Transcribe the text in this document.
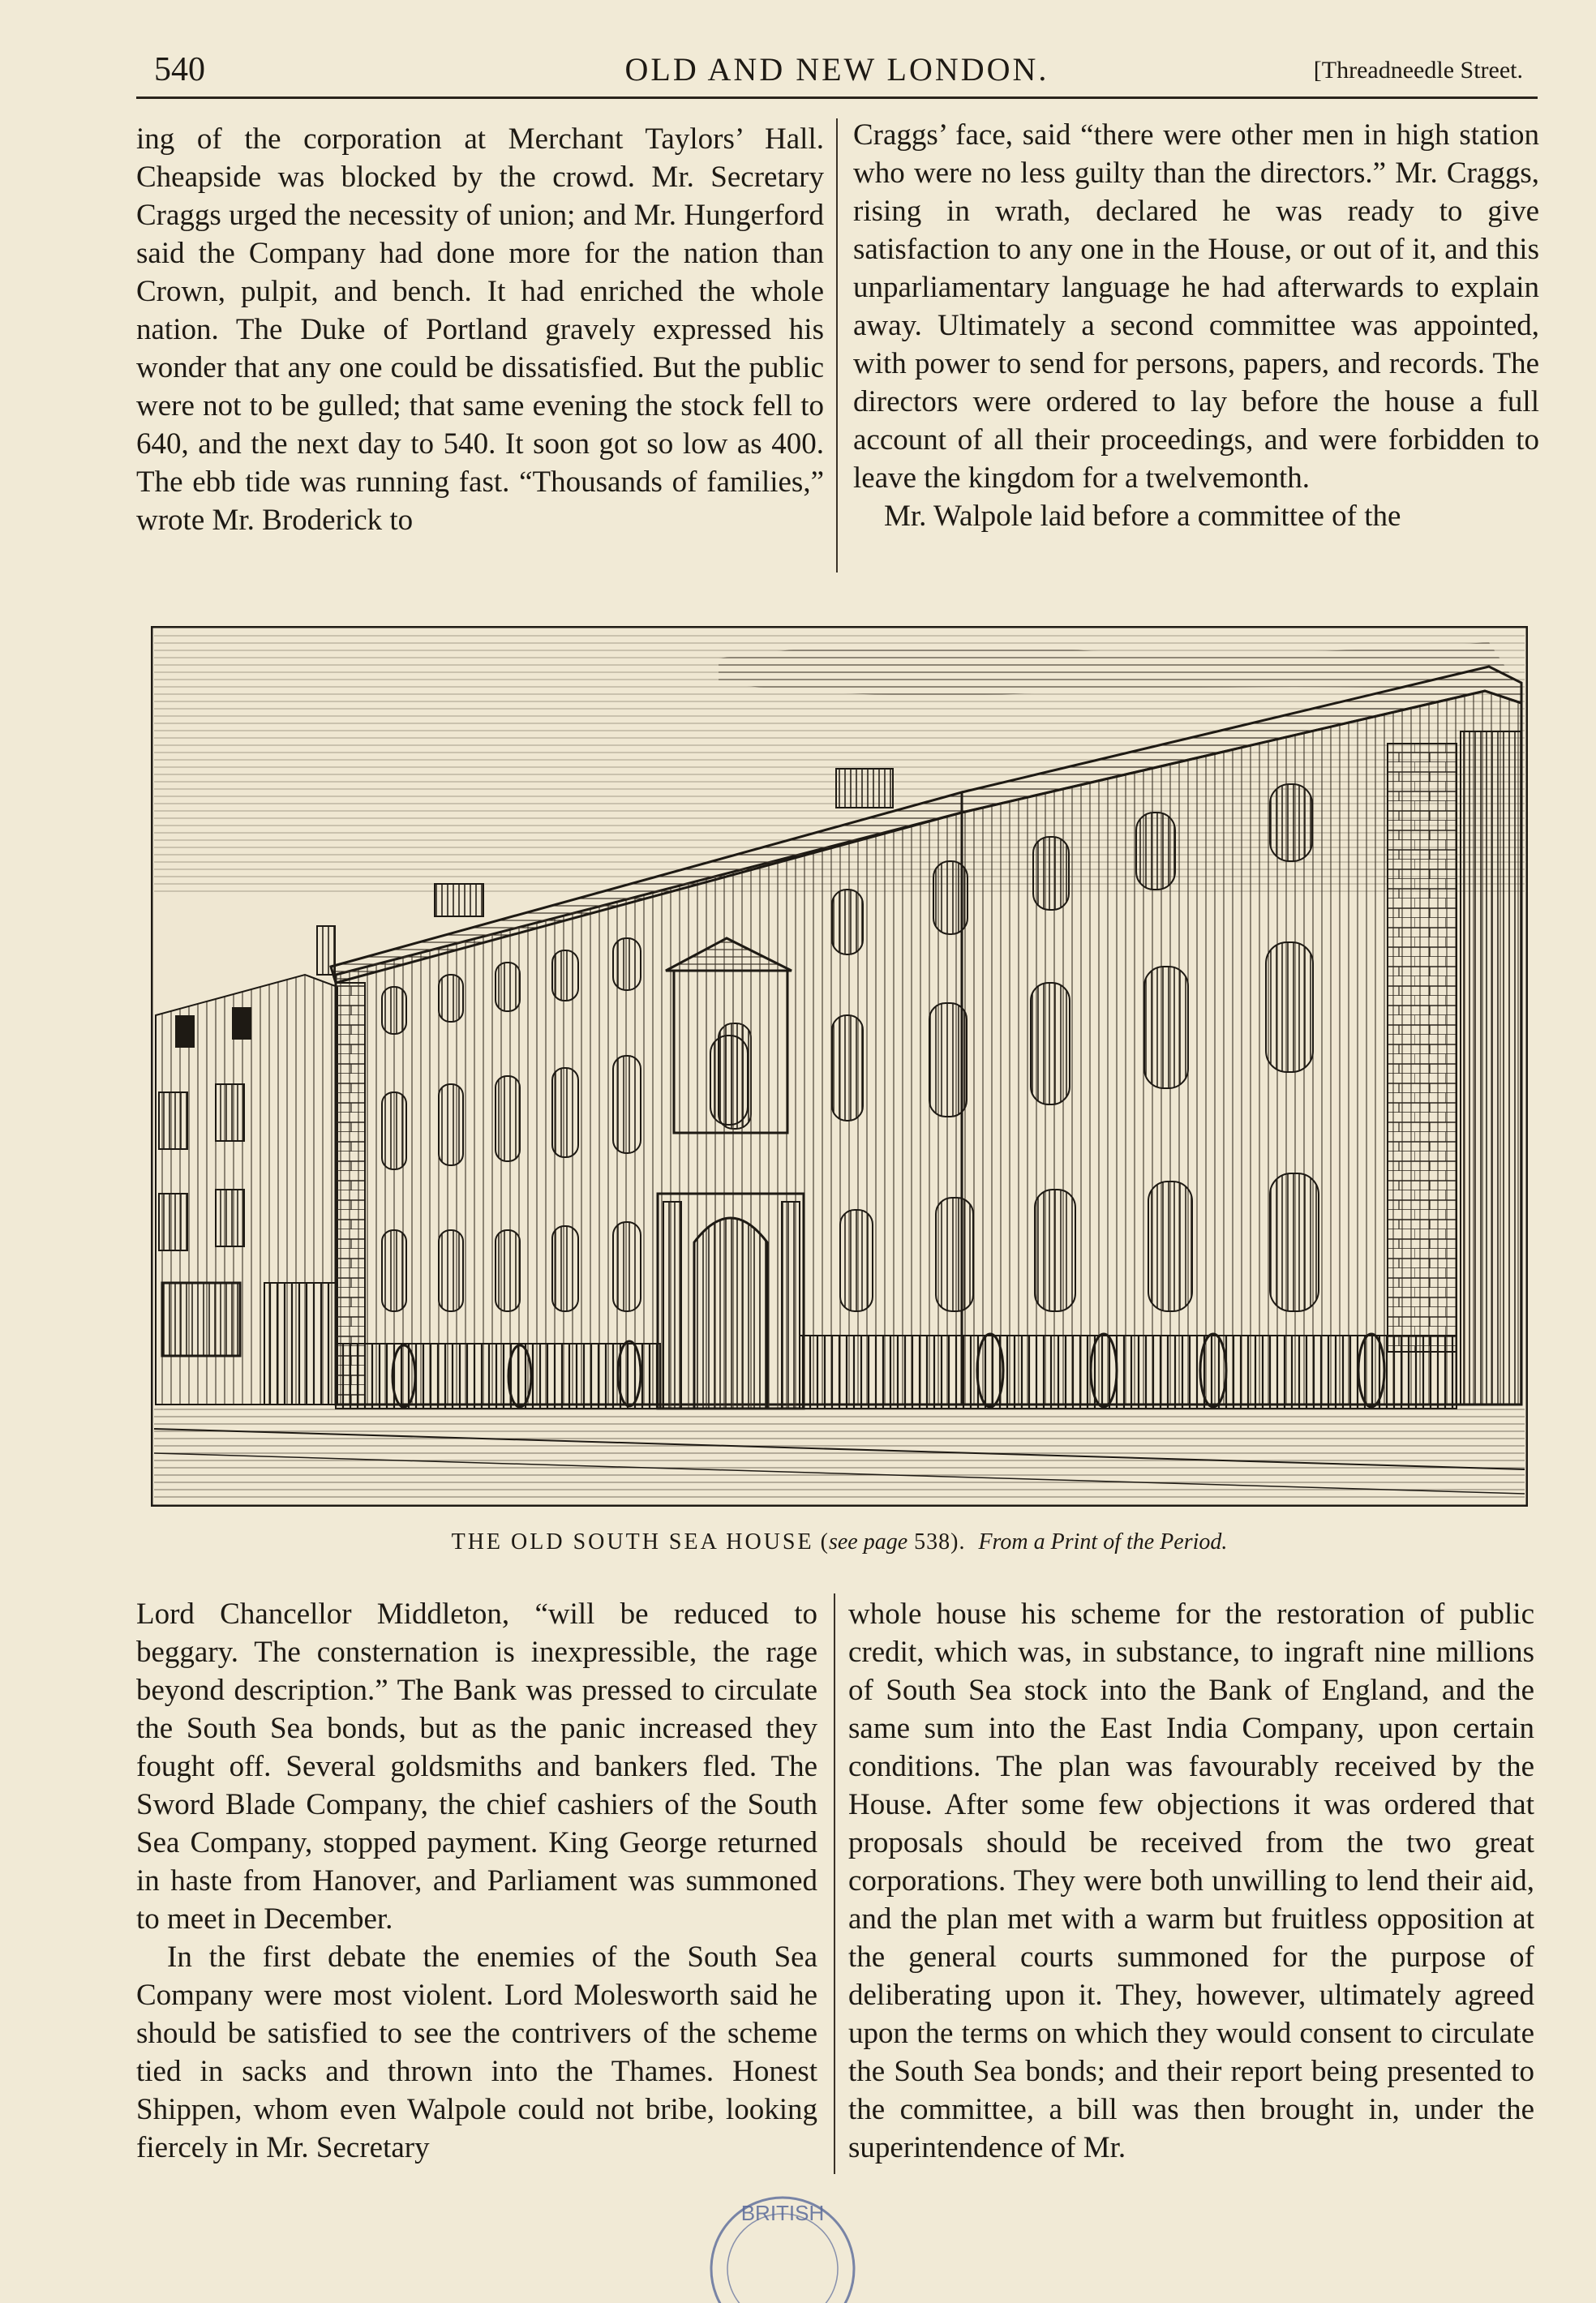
540	OLD AND NEW LONDON.	[Threadneedle Street.

ing of the corporation at Merchant Taylors’ Hall. Cheapside was blocked by the crowd. Mr. Secretary Craggs urged the necessity of union; and Mr. Hungerford said the Company had done more for the nation than Crown, pulpit, and bench. It had enriched the whole nation. The Duke of Portland gravely expressed his wonder that any one could be dissatisfied. But the public were not to be gulled; that same evening the stock fell to 640, and the next day to 540. It soon got so low as 400. The ebb tide was running fast. “Thousands of families,” wrote Mr. Broderick to

Craggs’ face, said “there were other men in high station who were no less guilty than the directors.” Mr. Craggs, rising in wrath, declared he was ready to give satisfaction to any one in the House, or out of it, and this unparliamentary language he had afterwards to explain away. Ultimately a second committee was appointed, with power to send for persons, papers, and records. The directors were ordered to lay before the house a full account of all their proceedings, and were forbidden to leave the kingdom for a twelvemonth.

Mr. Walpole laid before a committee of the

THE OLD SOUTH SEA HOUSE (see page 538). From a Print of the Period.

Lord Chancellor Middleton, “will be reduced to beggary. The consternation is inexpressible, the rage beyond description.” The Bank was pressed to circulate the South Sea bonds, but as the panic increased they fought off. Several goldsmiths and bankers fled. The Sword Blade Company, the chief cashiers of the South Sea Company, stopped payment. King George returned in haste from Hanover, and Parliament was summoned to meet in December.

In the first debate the enemies of the South Sea Company were most violent. Lord Molesworth said he should be satisfied to see the contrivers of the scheme tied in sacks and thrown into the Thames. Honest Shippen, whom even Walpole could not bribe, looking fiercely in Mr. Secretary

whole house his scheme for the restoration of public credit, which was, in substance, to ingraft nine millions of South Sea stock into the Bank of England, and the same sum into the East India Company, upon certain conditions. The plan was favourably received by the House. After some few objections it was ordered that proposals should be received from the two great corporations. They were both unwilling to lend their aid, and the plan met with a warm but fruitless opposition at the general courts summoned for the purpose of deliberating upon it. They, however, ultimately agreed upon the terms on which they would consent to circulate the South Sea bonds; and their report being presented to the committee, a bill was then brought in, under the superintendence of Mr.

BRITISH
